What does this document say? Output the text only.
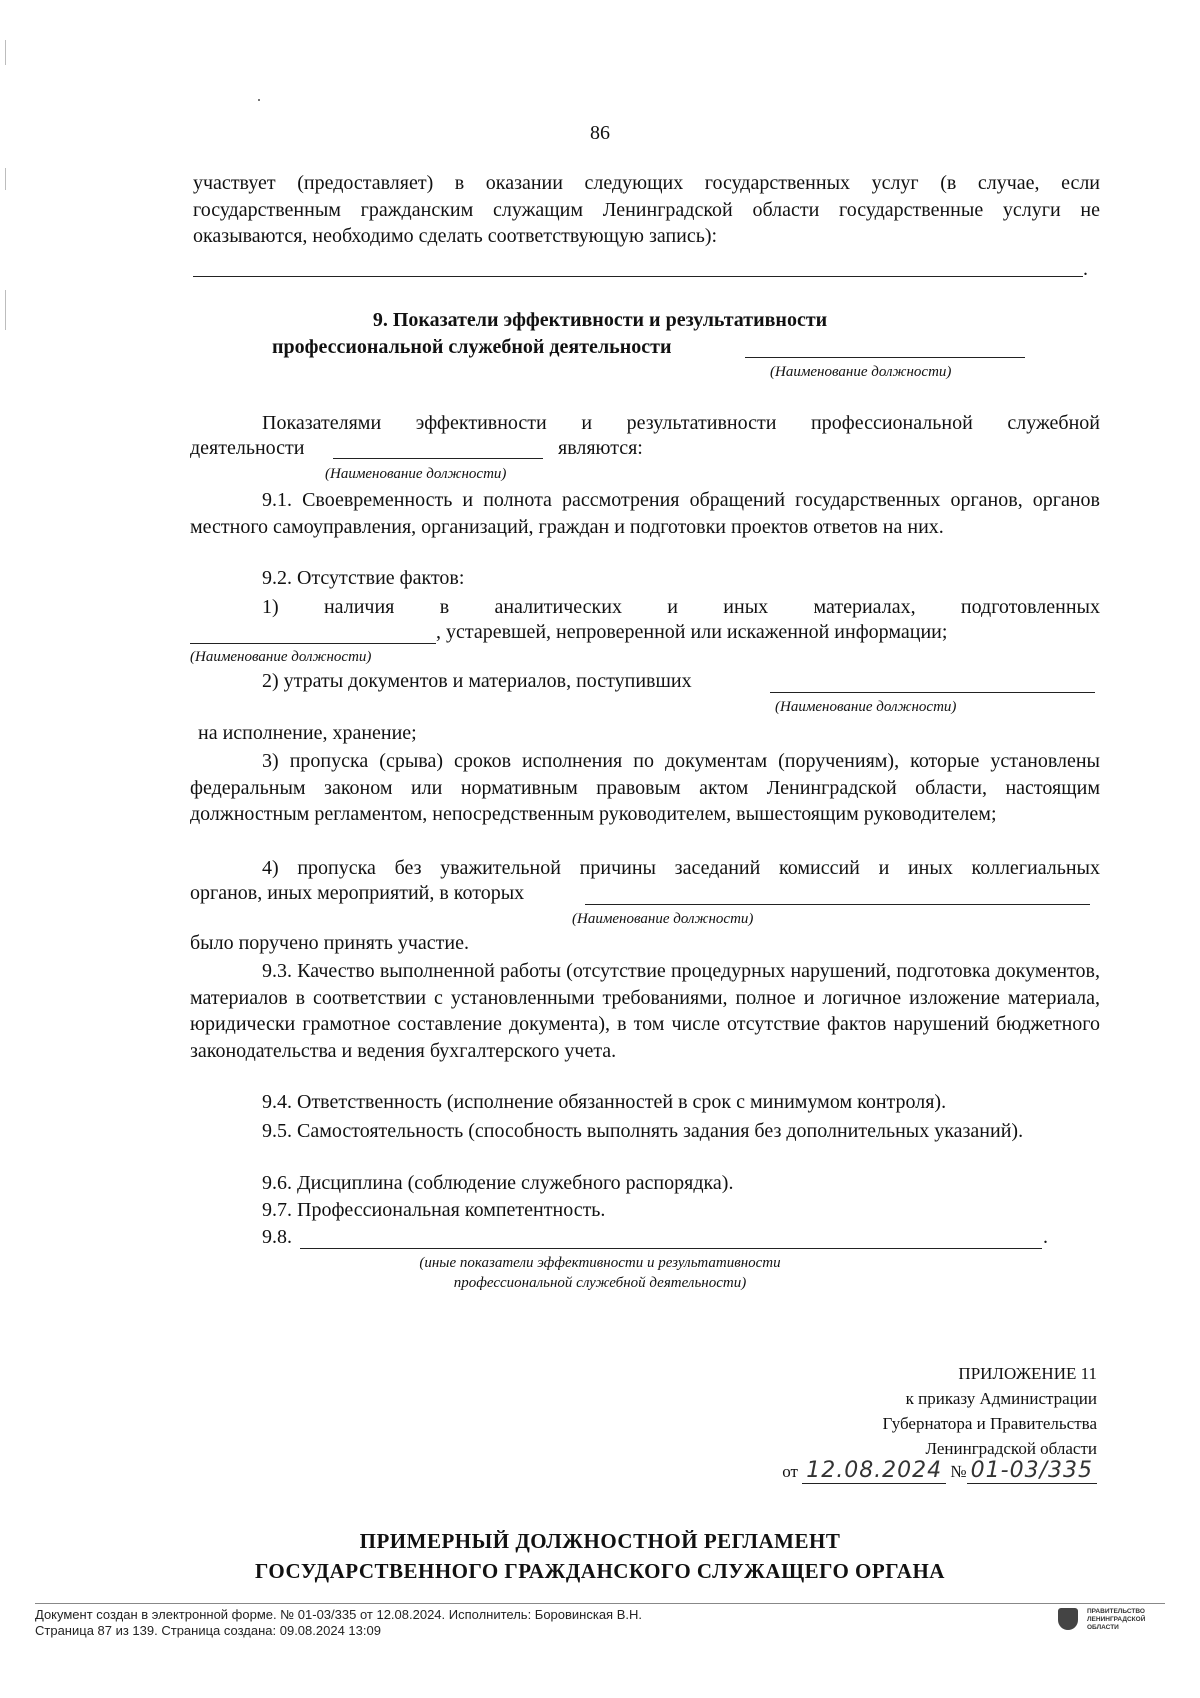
86
участвует (предоставляет) в оказании следующих государственных услуг (в случае, если государственным гражданским служащим Ленинградской области государственные услуги не оказываются, необходимо сделать соответствующую запись):
.
9. Показатели эффективности и результативности
профессиональной служебной деятельности
(Наименование должности)
Показателями эффективности и результативности профессиональной служебной
деятельности	являются:
(Наименование должности)
9.1. Своевременность и полнота рассмотрения обращений государственных органов, органов местного самоуправления, организаций, граждан и подготовки проектов ответов на них.
9.2. Отсутствие фактов:
1) наличия в аналитических и иных материалах, подготовленных
, устаревшей, непроверенной или искаженной информации;
(Наименование должности)
2) утраты документов и материалов, поступивших
(Наименование должности)
на исполнение, хранение;
3) пропуска (срыва) сроков исполнения по документам (поручениям), которые установлены федеральным законом или нормативным правовым актом Ленинградской области, настоящим должностным регламентом, непосредственным руководителем, вышестоящим руководителем;
4) пропуска без уважительной причины заседаний комиссий и иных коллегиальных
органов, иных мероприятий, в которых
(Наименование должности)
было поручено принять участие.
9.3. Качество выполненной работы (отсутствие процедурных нарушений, подготовка документов, материалов в соответствии с установленными требованиями, полное и логичное изложение материала, юридически грамотное составление документа), в том числе отсутствие фактов нарушений бюджетного законодательства и ведения бухгалтерского учета.
9.4. Ответственность (исполнение обязанностей в срок с минимумом контроля).
9.5. Самостоятельность (способность выполнять задания без дополнительных указаний).
9.6. Дисциплина (соблюдение служебного распорядка).
9.7. Профессиональная компетентность.
9.8.	.
(иные показатели эффективности и результативности
профессиональной служебной деятельности)
ПРИЛОЖЕНИЕ 11
к приказу Администрации
Губернатора и Правительства
Ленинградской области
от 12.08.2024 № 01-03/335
ПРИМЕРНЫЙ ДОЛЖНОСТНОЙ РЕГЛАМЕНТ
ГОСУДАРСТВЕННОГО ГРАЖДАНСКОГО СЛУЖАЩЕГО ОРГАНА
Документ создан в электронной форме. № 01-03/335 от 12.08.2024. Исполнитель: Боровинская В.Н.
Страница 87 из 139. Страница создана: 09.08.2024 13:09
ПРАВИТЕЛЬСТВО
ЛЕНИНГРАДСКОЙ
ОБЛАСТИ
